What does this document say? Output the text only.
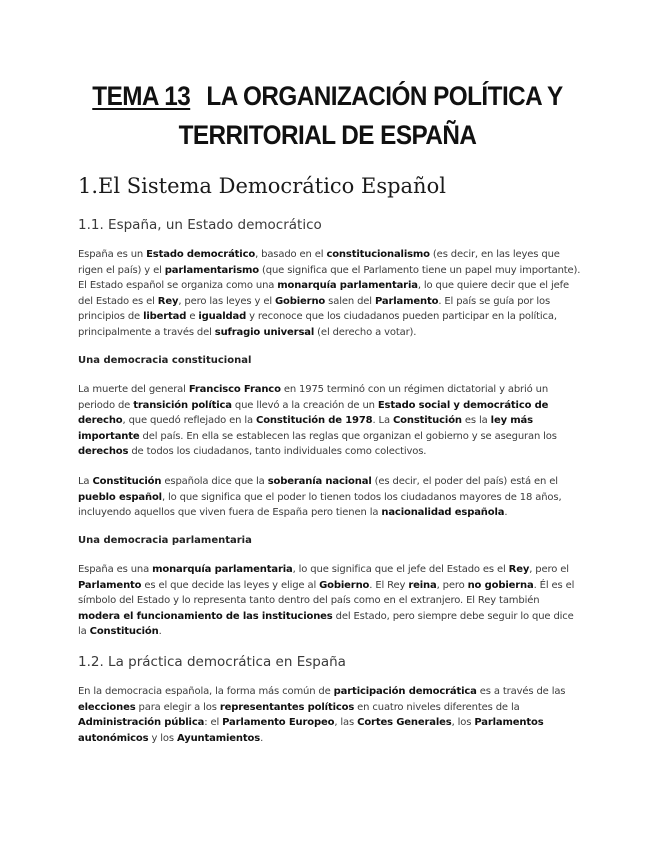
TEMA 13 LA ORGANIZACIÓN POLÍTICA Y
TERRITORIAL DE ESPAÑA
1.El Sistema Democrático Español
1.1. España, un Estado democrático
España es un Estado democrático, basado en el constitucionalismo (es decir, en las leyes que rigen el país) y el parlamentarismo (que significa que el Parlamento tiene un papel muy importante). El Estado español se organiza como una monarquía parlamentaria, lo que quiere decir que el jefe del Estado es el Rey, pero las leyes y el Gobierno salen del Parlamento. El país se guía por los principios de libertad e igualdad y reconoce que los ciudadanos pueden participar en la política, principalmente a través del sufragio universal (el derecho a votar).
Una democracia constitucional
La muerte del general Francisco Franco en 1975 terminó con un régimen dictatorial y abrió un periodo de transición política que llevó a la creación de un Estado social y democrático de derecho, que quedó reflejado en la Constitución de 1978. La Constitución es la ley más importante del país. En ella se establecen las reglas que organizan el gobierno y se aseguran los derechos de todos los ciudadanos, tanto individuales como colectivos.
La Constitución española dice que la soberanía nacional (es decir, el poder del país) está en el pueblo español, lo que significa que el poder lo tienen todos los ciudadanos mayores de 18 años, incluyendo aquellos que viven fuera de España pero tienen la nacionalidad española.
Una democracia parlamentaria
España es una monarquía parlamentaria, lo que significa que el jefe del Estado es el Rey, pero el Parlamento es el que decide las leyes y elige al Gobierno. El Rey reina, pero no gobierna. Él es el símbolo del Estado y lo representa tanto dentro del país como en el extranjero. El Rey también modera el funcionamiento de las instituciones del Estado, pero siempre debe seguir lo que dice la Constitución.
1.2. La práctica democrática en España
En la democracia española, la forma más común de participación democrática es a través de las elecciones para elegir a los representantes políticos en cuatro niveles diferentes de la Administración pública: el Parlamento Europeo, las Cortes Generales, los Parlamentos autonómicos y los Ayuntamientos.
